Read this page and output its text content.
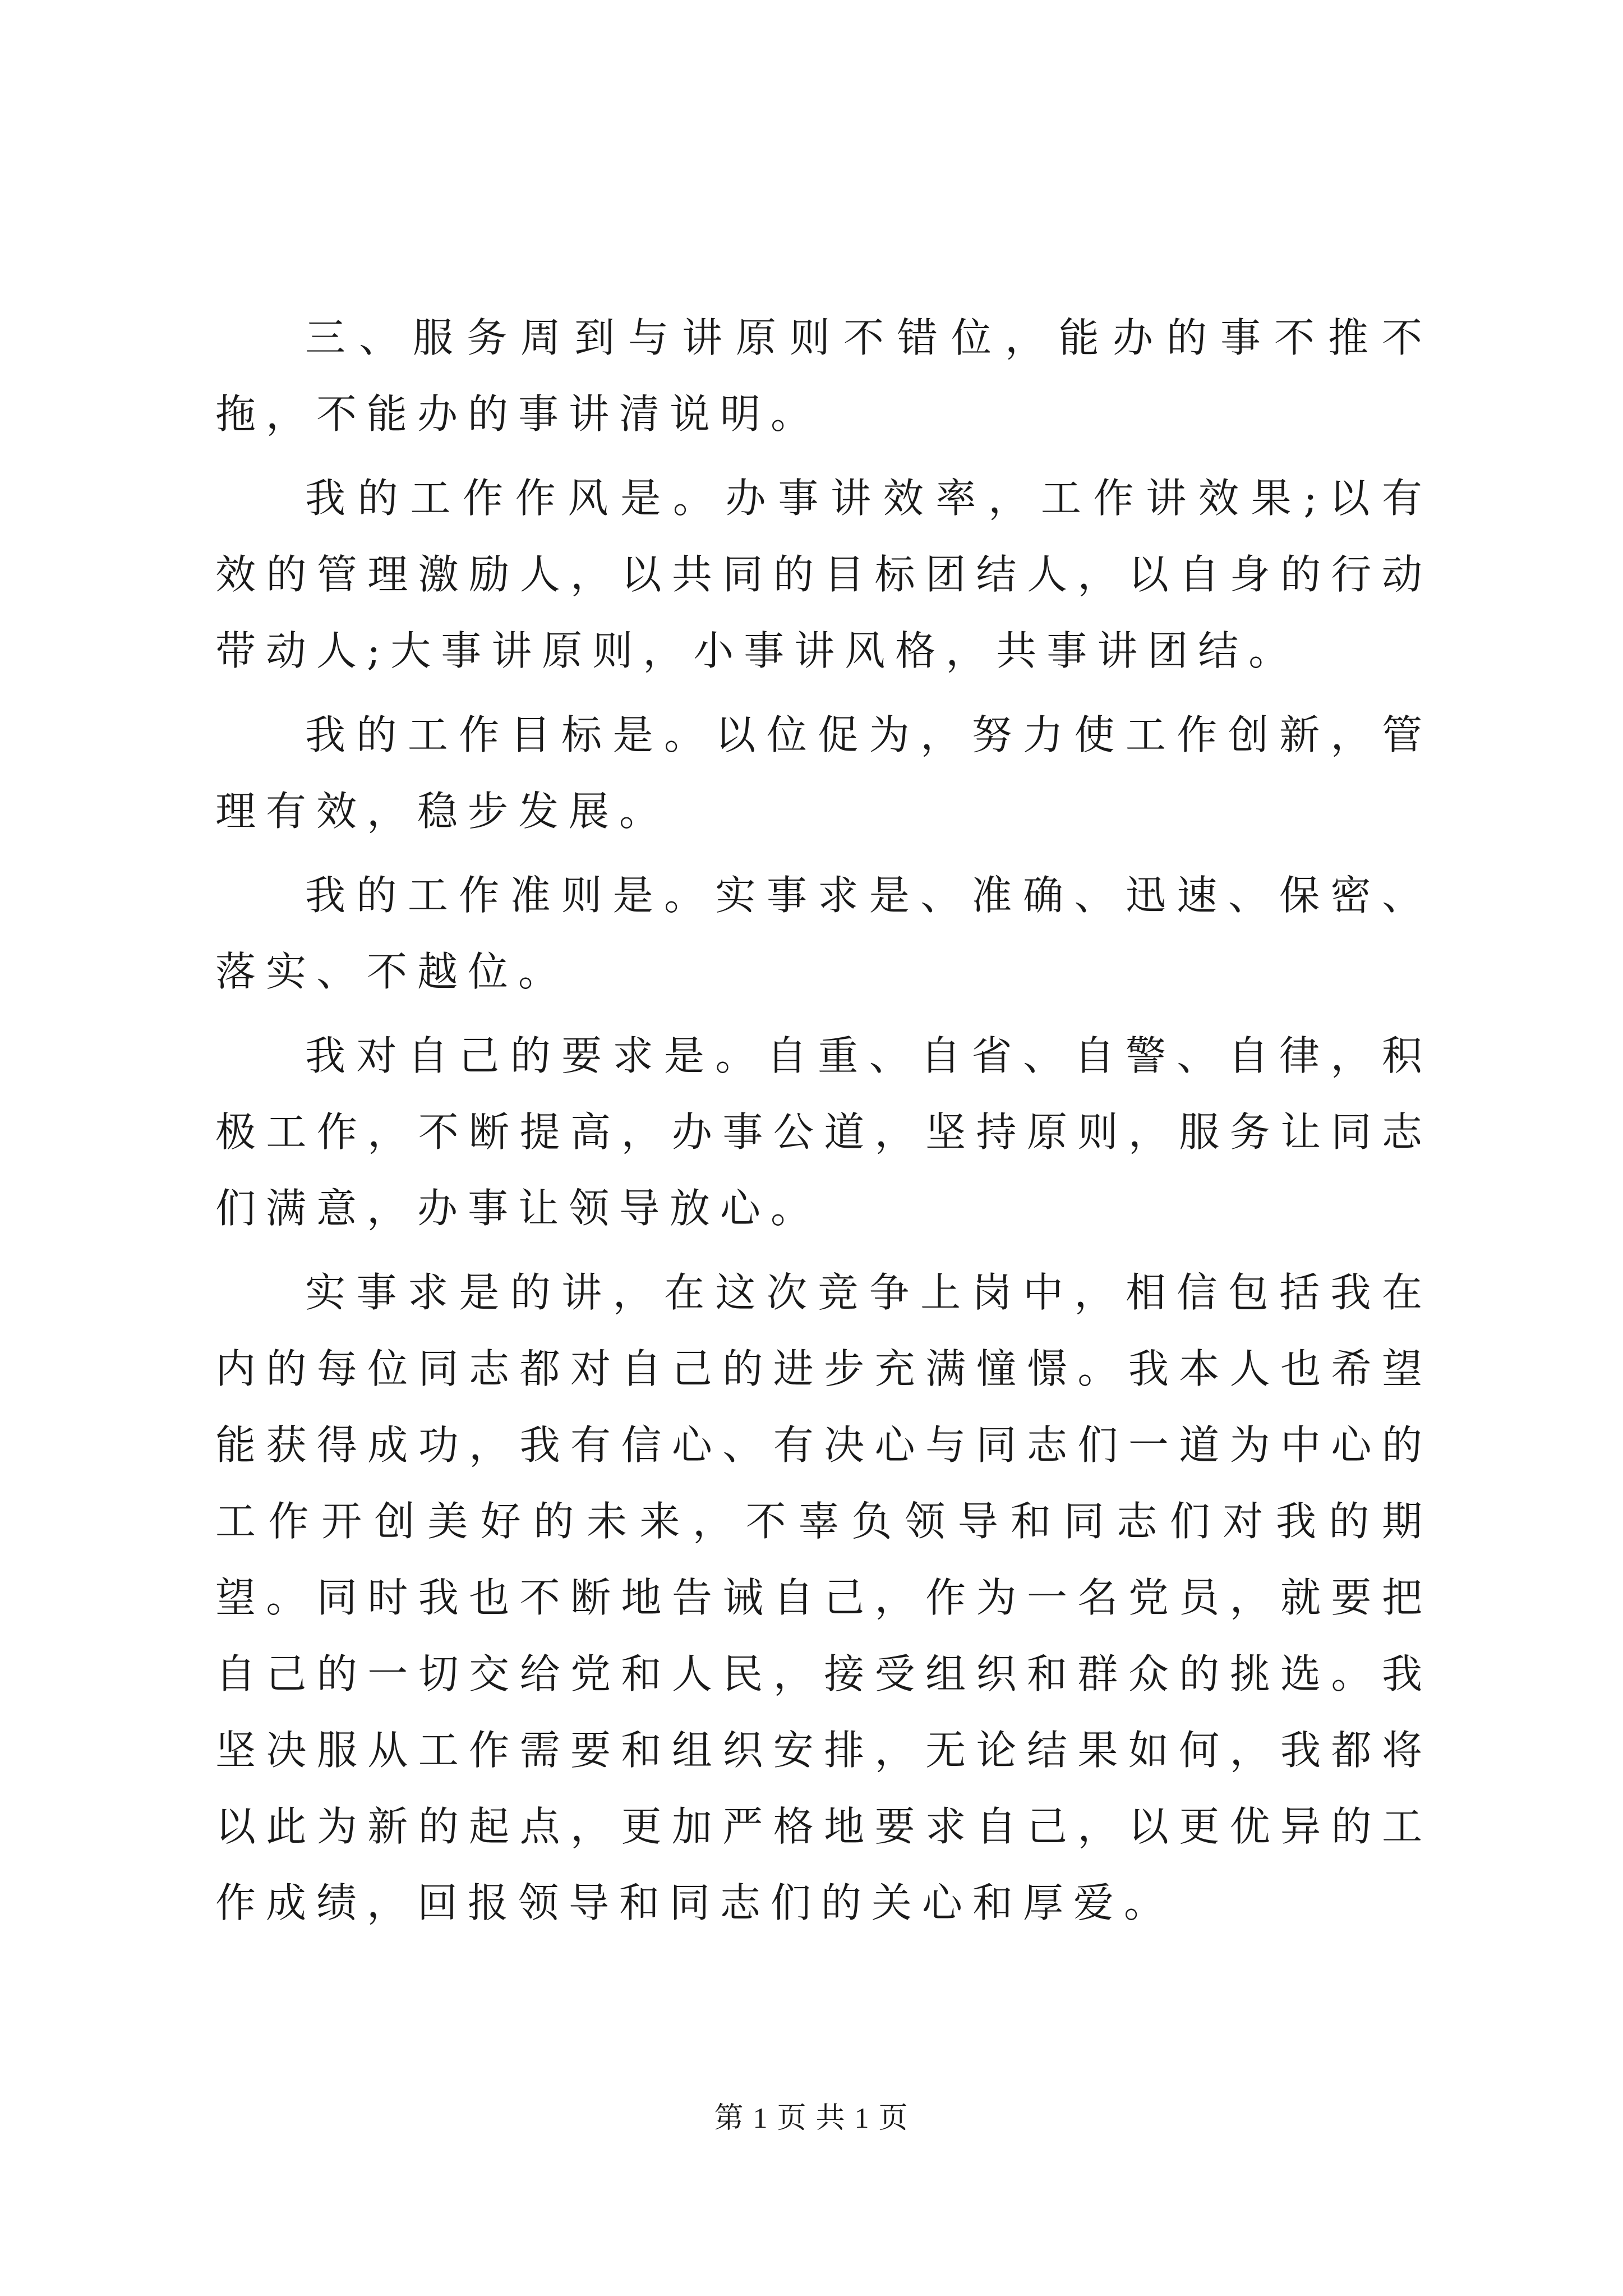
三、服务周到与讲原则不错位，能办的事不推不拖，不能办的事讲清说明。

我的工作作风是。办事讲效率，工作讲效果;以有效的管理激励人，以共同的目标团结人，以自身的行动带动人;大事讲原则，小事讲风格，共事讲团结。

我的工作目标是。以位促为，努力使工作创新，管理有效，稳步发展。

我的工作准则是。实事求是、准确、迅速、保密、落实、不越位。

我对自己的要求是。自重、自省、自警、自律，积极工作，不断提高，办事公道，坚持原则，服务让同志们满意，办事让领导放心。

实事求是的讲，在这次竞争上岗中，相信包括我在内的每位同志都对自己的进步充满憧憬。我本人也希望能获得成功，我有信心、有决心与同志们一道为中心的工作开创美好的未来，不辜负领导和同志们对我的期望。同时我也不断地告诫自己，作为一名党员，就要把自己的一切交给党和人民，接受组织和群众的挑选。我坚决服从工作需要和组织安排，无论结果如何，我都将以此为新的起点，更加严格地要求自己，以更优异的工作成绩，回报领导和同志们的关心和厚爱。

第 1 页 共 1 页
